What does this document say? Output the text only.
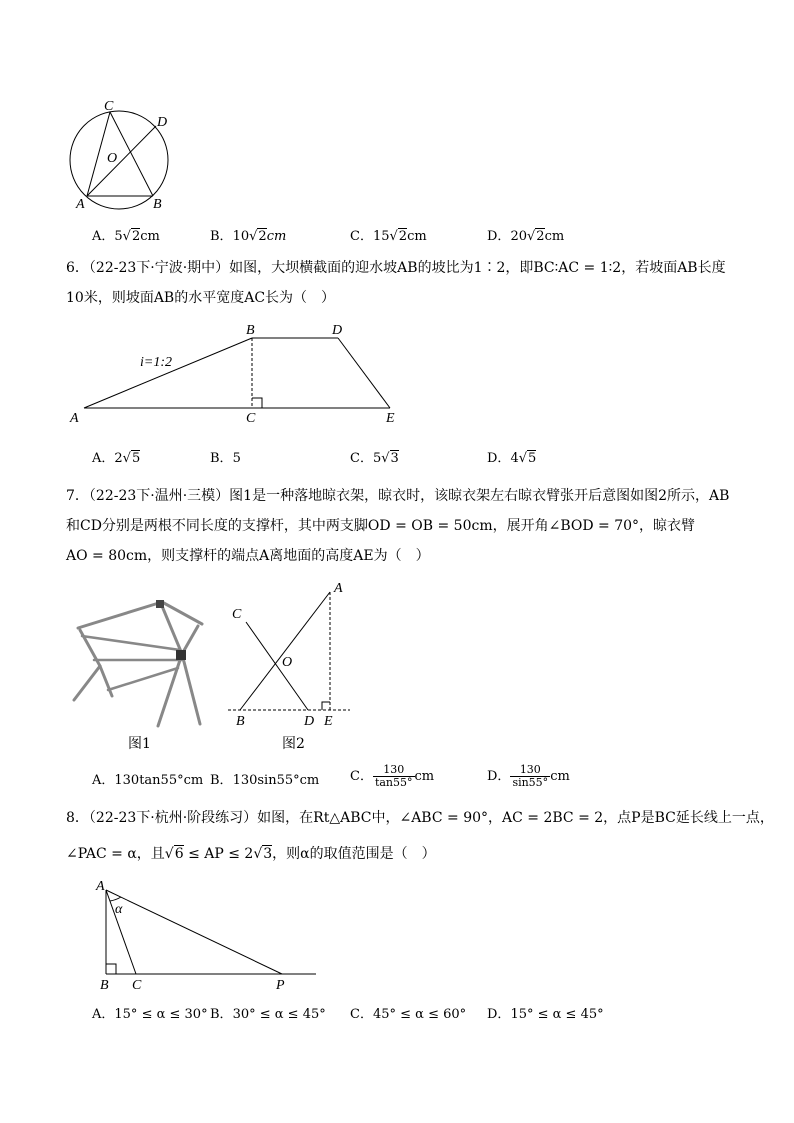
C
D
O
A	B
A．5√2cm	B．10√2cm	C．15√2cm	D．20√2cm
6．（22-23下·宁波·期中）如图，大坝横截面的迎水坡AB的坡比为1∶2，即BC∶AC = 1∶2，若坡面AB长度
10米，则坡面AB的水平宽度AC长为（　）
i=1:2
A
B
C
D
E
A．2√5	B．5	C．5√3	D．4√5
7．（22-23下·温州·三模）图1是一种落地晾衣架，晾衣时，该晾衣架左右晾衣臂张开后意图如图2所示，AB
和CD分别是两根不同长度的支撑杆，其中两支脚OD = OB = 50cm，展开角∠BOD = 70°，晾衣臂
AO = 80cm，则支撑杆的端点A离地面的高度AE为（　）
图1
A
C
O
B	D E
图2
A．130tan55°cm B．130sin55°cm C． $\frac{130}{\tan 55^\circ}$ cm	D． $\frac{130}{\sin 55^\circ}$ cm
8．（22-23下·杭州·阶段练习）如图，在Rt△ABC中，∠ABC = 90°，AC = 2BC = 2，点P是BC延长线上一点，
∠PAC = α，且√6 ≤ AP ≤ 2√3，则α的取值范围是（　）
A
α
B C	P
A．15° ≤ α ≤ 30° B．30° ≤ α ≤ 45° C．45° ≤ α ≤ 60° D．15° ≤ α ≤ 45°
